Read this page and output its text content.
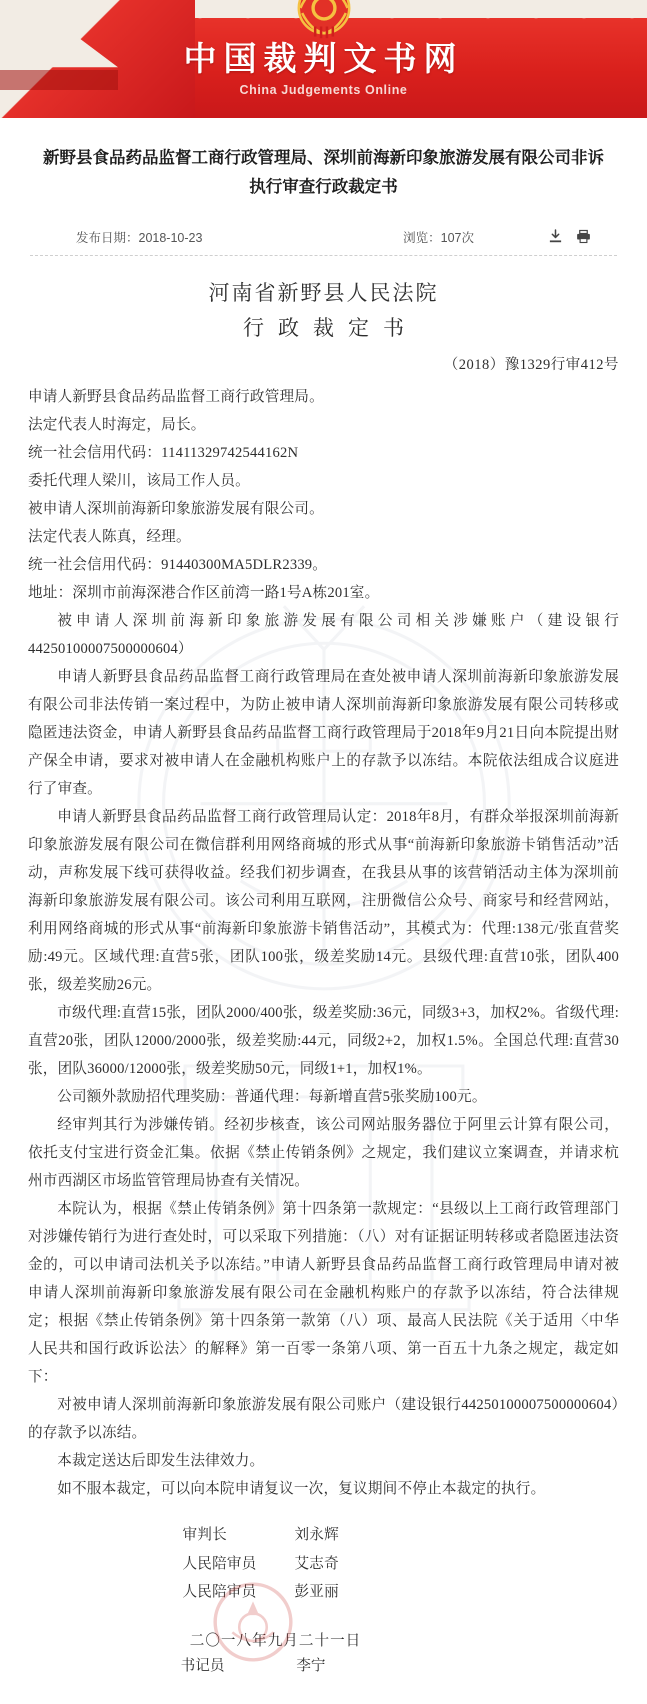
中国裁判文书网
China Judgements Online
新野县食品药品监督工商行政管理局、深圳前海新印象旅游发展有限公司非诉执行审查行政裁定书
发布日期：2018-10-23	浏览：107次
河南省新野县人民法院
行政裁定书
（2018）豫1329行审412号

申请人新野县食品药品监督工商行政管理局。

法定代表人时海定，局长。

统一社会信用代码：11411329742544162N

委托代理人梁川，该局工作人员。

被申请人深圳前海新印象旅游发展有限公司。

法定代表人陈真，经理。

统一社会信用代码：91440300MA5DLR2339。

地址：深圳市前海深港合作区前湾一路1号A栋201室。

被申请人深圳前海新印象旅游发展有限公司相关涉嫌账户（建设银行44250100007500000604）

申请人新野县食品药品监督工商行政管理局在查处被申请人深圳前海新印象旅游发展有限公司非法传销一案过程中，为防止被申请人深圳前海新印象旅游发展有限公司转移或隐匿违法资金，申请人新野县食品药品监督工商行政管理局于2018年9月21日向本院提出财产保全申请，要求对被申请人在金融机构账户上的存款予以冻结。本院依法组成合议庭进行了审查。

申请人新野县食品药品监督工商行政管理局认定：2018年8月，有群众举报深圳前海新印象旅游发展有限公司在微信群利用网络商城的形式从事“前海新印象旅游卡销售活动”活动，声称发展下线可获得收益。经我们初步调查，在我县从事的该营销活动主体为深圳前海新印象旅游发展有限公司。该公司利用互联网，注册微信公众号、商家号和经营网站，利用网络商城的形式从事“前海新印象旅游卡销售活动”，其模式为：代理:138元/张直营奖励:49元。区域代理:直营5张，团队100张，级差奖励14元。县级代理:直营10张，团队400张，级差奖励26元。

市级代理:直营15张，团队2000/400张，级差奖励:36元，同级3+3，加权2%。省级代理:直营20张，团队12000/2000张，级差奖励:44元，同级2+2，加权1.5%。全国总代理:直营30张，团队36000/12000张，级差奖励50元，同级1+1，加权1%。

公司额外款励招代理奖励：普通代理：每新增直营5张奖励100元。

经审判其行为涉嫌传销。经初步核查，该公司网站服务器位于阿里云计算有限公司，依托支付宝进行资金汇集。依据《禁止传销条例》之规定，我们建议立案调查，并请求杭州市西湖区市场监管管理局协查有关情况。

本院认为，根据《禁止传销条例》第十四条第一款规定：“县级以上工商行政管理部门对涉嫌传销行为进行查处时，可以采取下列措施：（八）对有证据证明转移或者隐匿违法资金的，可以申请司法机关予以冻结。”申请人新野县食品药品监督工商行政管理局申请对被申请人深圳前海新印象旅游发展有限公司在金融机构账户的存款予以冻结，符合法律规定；根据《禁止传销条例》第十四条第一款第（八）项、最高人民法院《关于适用〈中华人民共和国行政诉讼法〉的解释》第一百零一条第八项、第一百五十九条之规定，裁定如下：

对被申请人深圳前海新印象旅游发展有限公司账户（建设银行44250100007500000604）的存款予以冻结。

本裁定送达后即发生法律效力。

如不服本裁定，可以向本院申请复议一次，复议期间不停止本裁定的执行。

审判长	刘永辉
人民陪审员	艾志奇
人民陪审员	彭亚丽
二〇一八年九月二十一日
书记员	李宁
